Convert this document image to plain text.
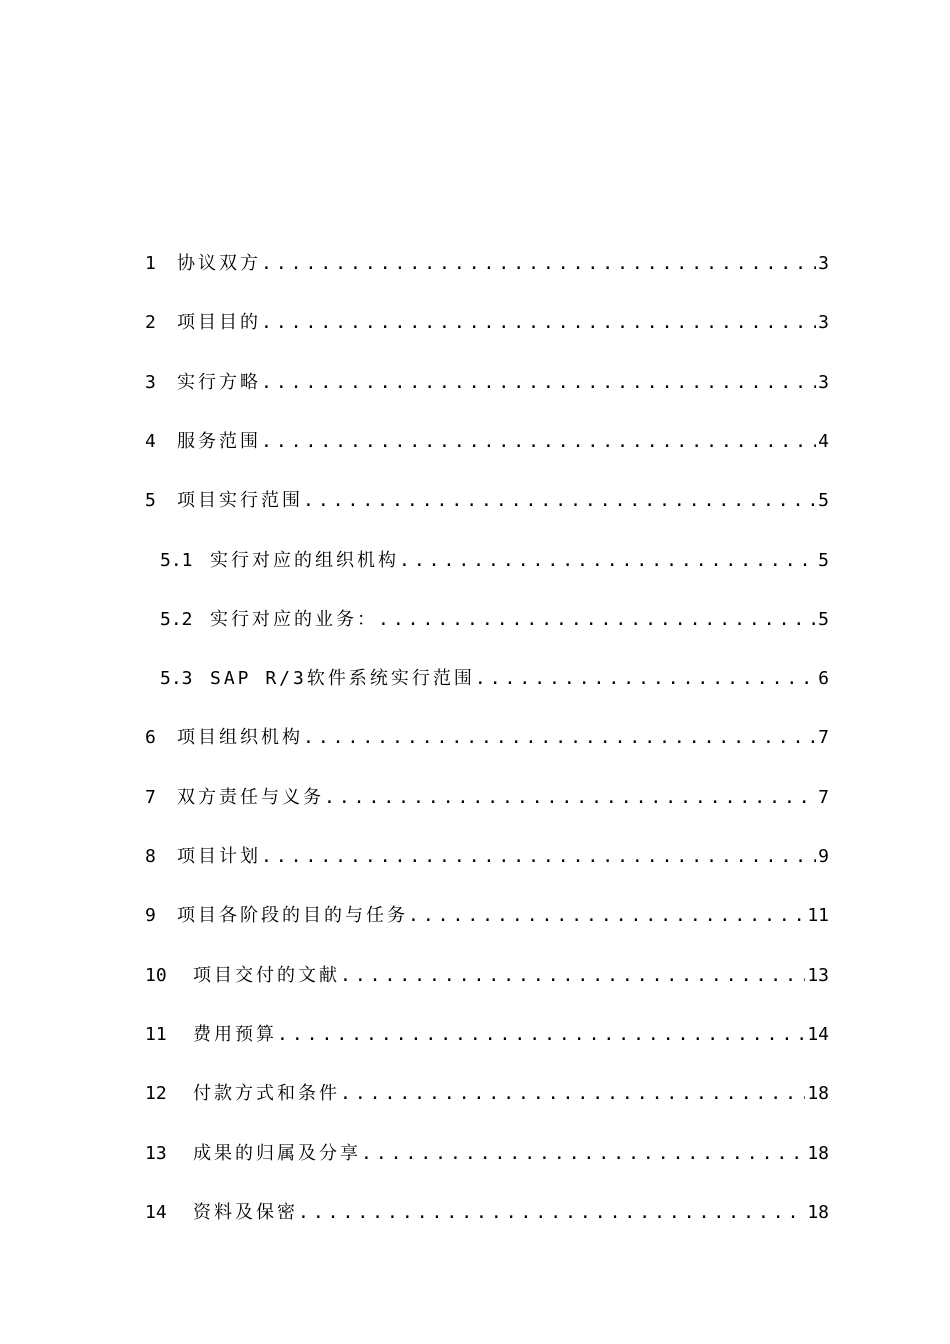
1	协议双方 .....	3
2	项目目的 .....	3
3	实行方略 .....	3
4	服务范围 .....	4
5	项目实行范围 .....	5
5.1 实行对应的组织机构 .....	5
5.2 实行对应的业务： .....	5
5.3 SAP R/3软件系统实行范围 .....	6
6	项目组织机构 .....	7
7	双方责任与义务 .....	7
8	项目计划 .....	9
9	项目各阶段的目的与任务 .....	11
10	项目交付的文献 .....	13
11	费用预算 .....	14
12	付款方式和条件 .....	18
13	成果的归属及分享 .....	18
14	资料及保密 .....	18
